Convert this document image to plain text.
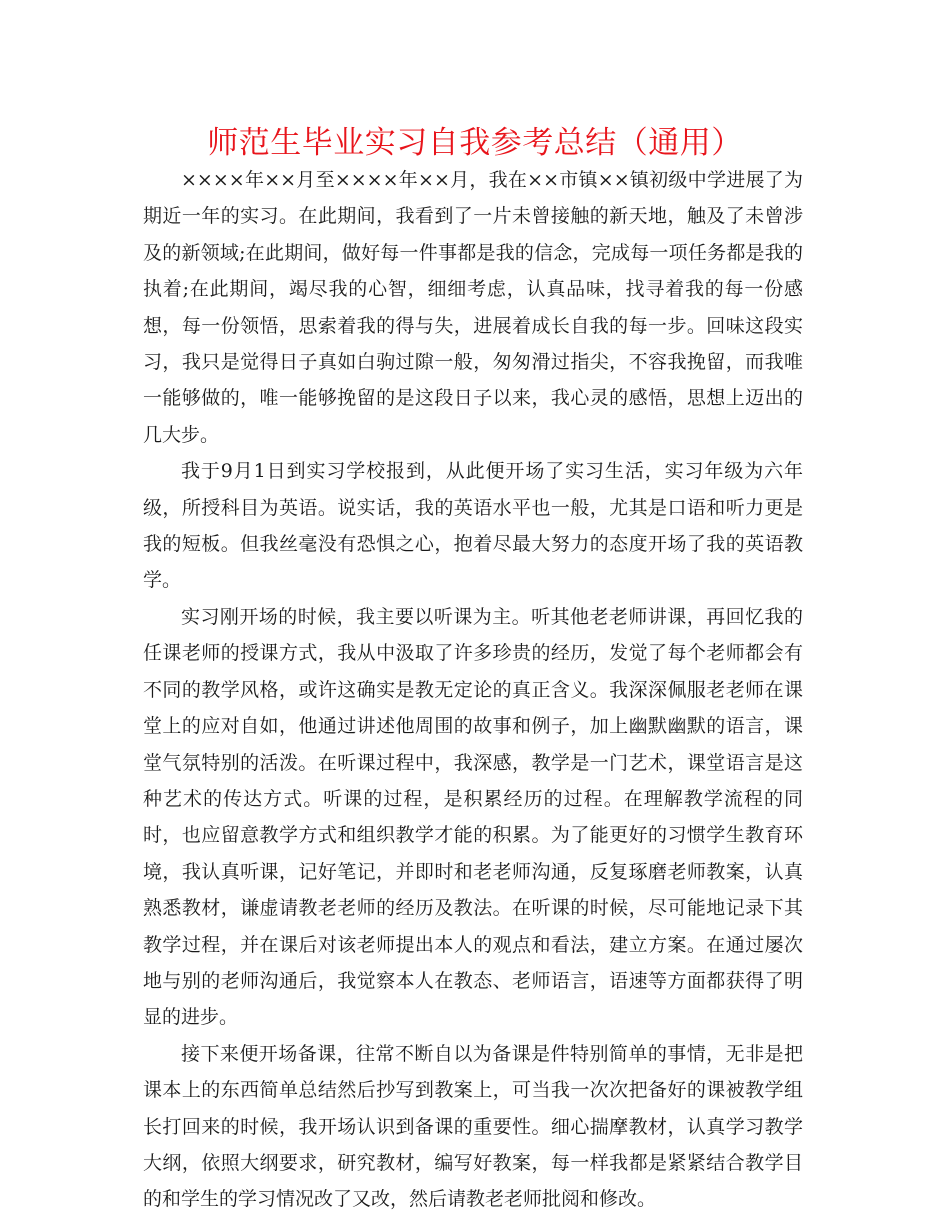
师范生毕业实习自我参考总结（通用）

××××年××月至××××年××月，我在××市镇××镇初级中学进展了为期近一年的实习。在此期间，我看到了一片未曾接触的新天地，触及了未曾涉及的新领域;在此期间，做好每一件事都是我的信念，完成每一项任务都是我的执着;在此期间，竭尽我的心智，细细考虑，认真品味，找寻着我的每一份感想，每一份领悟，思索着我的得与失，进展着成长自我的每一步。回味这段实习，我只是觉得日子真如白驹过隙一般，匆匆滑过指尖，不容我挽留，而我唯一能够做的，唯一能够挽留的是这段日子以来，我心灵的感悟，思想上迈出的几大步。

我于9月1日到实习学校报到，从此便开场了实习生活，实习年级为六年级，所授科目为英语。说实话，我的英语水平也一般，尤其是口语和听力更是我的短板。但我丝毫没有恐惧之心，抱着尽最大努力的态度开场了我的英语教学。

实习刚开场的时候，我主要以听课为主。听其他老老师讲课，再回忆我的任课老师的授课方式，我从中汲取了许多珍贵的经历，发觉了每个老师都会有不同的教学风格，或许这确实是教无定论的真正含义。我深深佩服老老师在课堂上的应对自如，他通过讲述他周围的故事和例子，加上幽默幽默的语言，课堂气氛特别的活泼。在听课过程中，我深感，教学是一门艺术，课堂语言是这种艺术的传达方式。听课的过程，是积累经历的过程。在理解教学流程的同时，也应留意教学方式和组织教学才能的积累。为了能更好的习惯学生教育环境，我认真听课，记好笔记，并即时和老老师沟通，反复琢磨老师教案，认真熟悉教材，谦虚请教老老师的经历及教法。在听课的时候，尽可能地记录下其教学过程，并在课后对该老师提出本人的观点和看法，建立方案。在通过屡次地与别的老师沟通后，我觉察本人在教态、老师语言，语速等方面都获得了明显的进步。

接下来便开场备课，往常不断自以为备课是件特别简单的事情，无非是把课本上的东西简单总结然后抄写到教案上，可当我一次次把备好的课被教学组长打回来的时候，我开场认识到备课的重要性。细心揣摩教材，认真学习教学大纲，依照大纲要求，研究教材，编写好教案，每一样我都是紧紧结合教学目的和学生的学习情况改了又改，然后请教老老师批阅和修改。
